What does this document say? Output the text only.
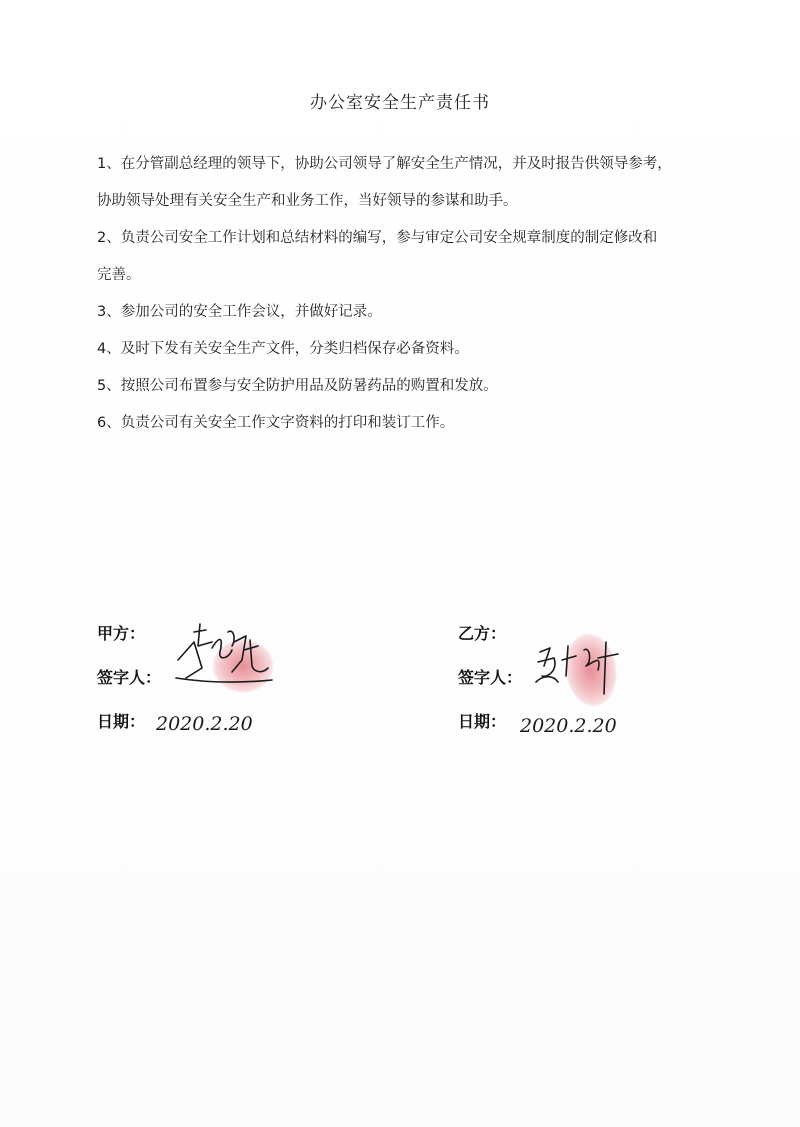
办公室安全生产责任书
1、在分管副总经理的领导下，协助公司领导了解安全生产情况，并及时报告供领导参考，
协助领导处理有关安全生产和业务工作，当好领导的参谋和助手。
2、负责公司安全工作计划和总结材料的编写，参与审定公司安全规章制度的制定修改和
完善。
3、参加公司的安全工作会议，并做好记录。
4、及时下发有关安全生产文件，分类归档保存必备资料。
5、按照公司布置参与安全防护用品及防暑药品的购置和发放。
6、负责公司有关安全工作文字资料的打印和装订工作。
甲方：
签字人：
日期：
乙方：
签字人：
日期：
2020.2.20	2020.2.20
